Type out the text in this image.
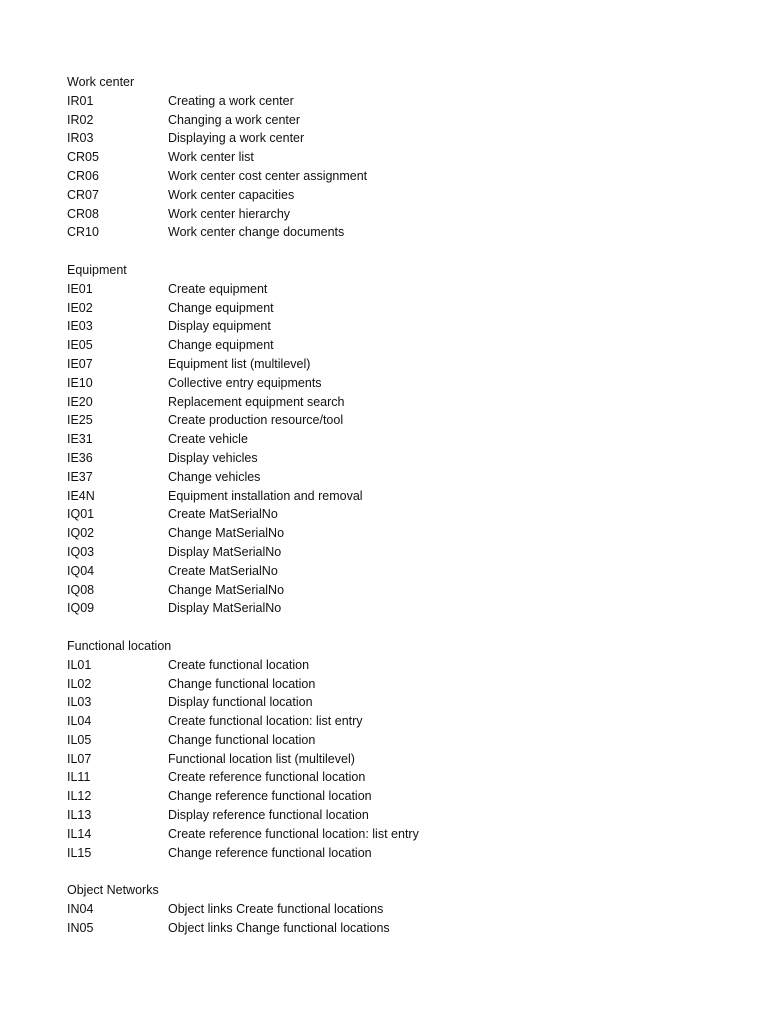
Work center
IR01	Creating a work center
IR02	Changing a work center
IR03	Displaying a work center
CR05	Work center list
CR06	Work center cost center assignment
CR07	Work center capacities
CR08	Work center hierarchy
CR10	Work center change documents
Equipment
IE01	Create equipment
IE02	Change equipment
IE03	Display equipment
IE05	Change equipment
IE07	Equipment list (multilevel)
IE10	Collective entry equipments
IE20	Replacement equipment search
IE25	Create production resource/tool
IE31	Create vehicle
IE36	Display vehicles
IE37	Change vehicles
IE4N	Equipment installation and removal
IQ01	Create MatSerialNo
IQ02	Change MatSerialNo
IQ03	Display MatSerialNo
IQ04	Create MatSerialNo
IQ08	Change MatSerialNo
IQ09	Display MatSerialNo
Functional location
IL01	Create functional location
IL02	Change functional location
IL03	Display functional location
IL04	Create functional location: list entry
IL05	Change functional location
IL07	Functional location list (multilevel)
IL11	Create reference functional location
IL12	Change reference functional location
IL13	Display reference functional location
IL14	Create reference functional location: list entry
IL15	Change reference functional location
Object Networks
IN04	Object links Create functional locations
IN05	Object links Change functional locations
